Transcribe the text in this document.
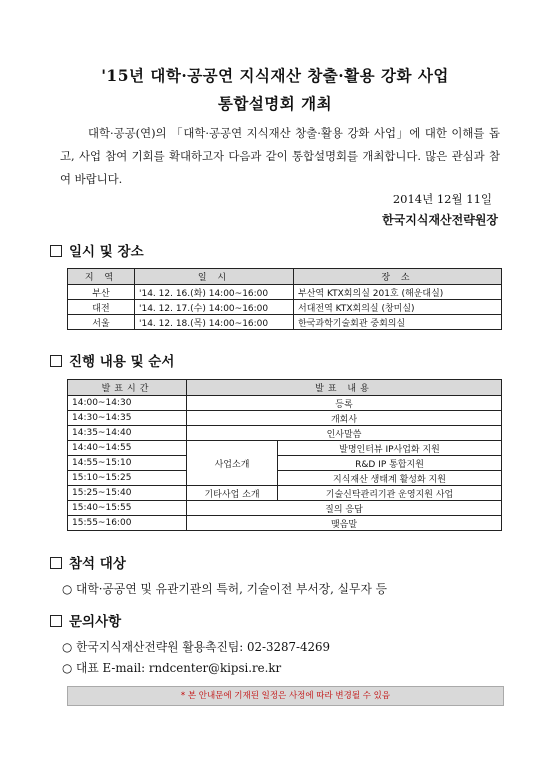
'15년 대학·공공연 지식재산 창출·활용 강화 사업
통합설명회 개최
대학·공공(연)의 「대학·공공연 지식재산 창출·활용 강화 사업」에 대한 이해를 돕고, 사업 참여 기회를 확대하고자 다음과 같이 통합설명회를 개최합니다. 많은 관심과 참여 바랍니다.
2014년 12월 11일
한국지식재산전략원장
일시 및 장소
지 역	일 시	장 소
부산	'14. 12. 16.(화) 14:00~16:00	부산역 KTX회의실 201호 (해운대실)
대전	'14. 12. 17.(수) 14:00~16:00	서대전역 KTX회의실 (창미실)
서울	'14. 12. 18.(목) 14:00~16:00	한국과학기술회관 중회의실
진행 내용 및 순서
발표시간	발표 내용	
14:00~14:30	등록	
14:30~14:35	개회사	
14:35~14:40	인사말씀	
14:40~14:55	사업소개	발명인터뷰 IP사업화 지원
14:55~15:10		R&D IP 통합지원
15:10~15:25		지식재산 생태계 활성화 지원
15:25~15:40	기타사업 소개	기술신탁관리기관 운영지원 사업
15:40~15:55	질의 응답	
15:55~16:00	맺음말	
참석 대상
○ 대학·공공연 및 유관기관의 특허, 기술이전 부서장, 실무자 등
문의사항
○ 한국지식재산전략원 활용촉진팀: 02-3287-4269
○ 대표 E-mail: rndcenter@kipsi.re.kr
* 본 안내문에 기재된 일정은 사정에 따라 변경될 수 있음
